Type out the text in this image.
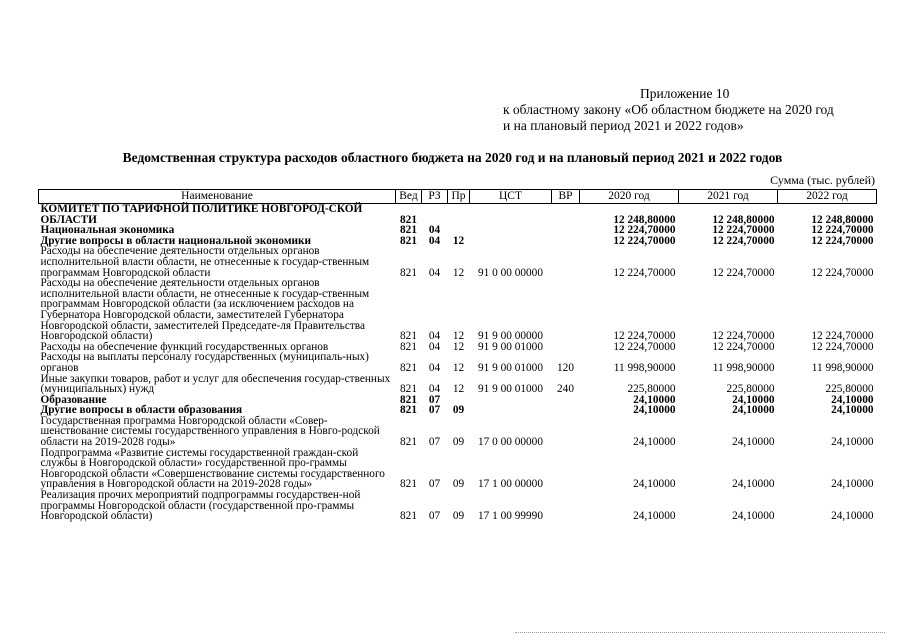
Приложение 10
к областному закону «Об областном бюджете на 2020 год
и на плановый период 2021 и 2022 годов»
Ведомственная структура расходов областного бюджета на 2020 год и на плановый период 2021 и 2022 годов
Сумма (тыс. рублей)
Наименование	Вед	РЗ	Пр	ЦСТ	ВР	2020 год	2021 год	2022 год
КОМИТЕТ ПО ТАРИФНОЙ ПОЛИТИКЕ НОВГОРОД-СКОЙ ОБЛАСТИ	821					12 248,80000	12 248,80000	12 248,80000
Национальная экономика	821	04				12 224,70000	12 224,70000	12 224,70000
Другие вопросы в области национальной экономики	821	04	12			12 224,70000	12 224,70000	12 224,70000
Расходы на обеспечение деятельности отдельных органов исполнительной власти области, не отнесенные к государ-ственным программам Новгородской области	821	04	12	91 0 00 00000		12 224,70000	12 224,70000	12 224,70000
Расходы на обеспечение деятельности отдельных органов исполнительной власти области, не отнесенные к государ-ственным программам Новгородской области (за исключением расходов на Губернатора Новгородской области, заместителей Губернатора Новгородской области, заместителей Председате-ля Правительства Новгородской области)	821	04	12	91 9 00 00000		12 224,70000	12 224,70000	12 224,70000
Расходы на обеспечение функций государственных органов	821	04	12	91 9 00 01000		12 224,70000	12 224,70000	12 224,70000
Расходы на выплаты персоналу государственных (муниципаль-ных) органов	821	04	12	91 9 00 01000	120	11 998,90000	11 998,90000	11 998,90000
Иные закупки товаров, работ и услуг для обеспечения государ-ственных (муниципальных) нужд	821	04	12	91 9 00 01000	240	225,80000	225,80000	225,80000
Образование	821	07				24,10000	24,10000	24,10000
Другие вопросы в области образования	821	07	09			24,10000	24,10000	24,10000
Государственная программа Новгородской области «Совер-шенствование системы государственного управления в Новго-родской области на 2019-2028 годы»	821	07	09	17 0 00 00000		24,10000	24,10000	24,10000
Подпрограмма «Развитие системы государственной граждан-ской службы в Новгородской области» государственной про-граммы Новгородской области «Совершенствование системы государственного управления в Новгородской области на 2019-2028 годы»	821	07	09	17 1 00 00000		24,10000	24,10000	24,10000
Реализация прочих мероприятий подпрограммы государствен-ной программы Новгородской области (государственной про-граммы Новгородской области)	821	07	09	17 1 00 99990		24,10000	24,10000	24,10000
